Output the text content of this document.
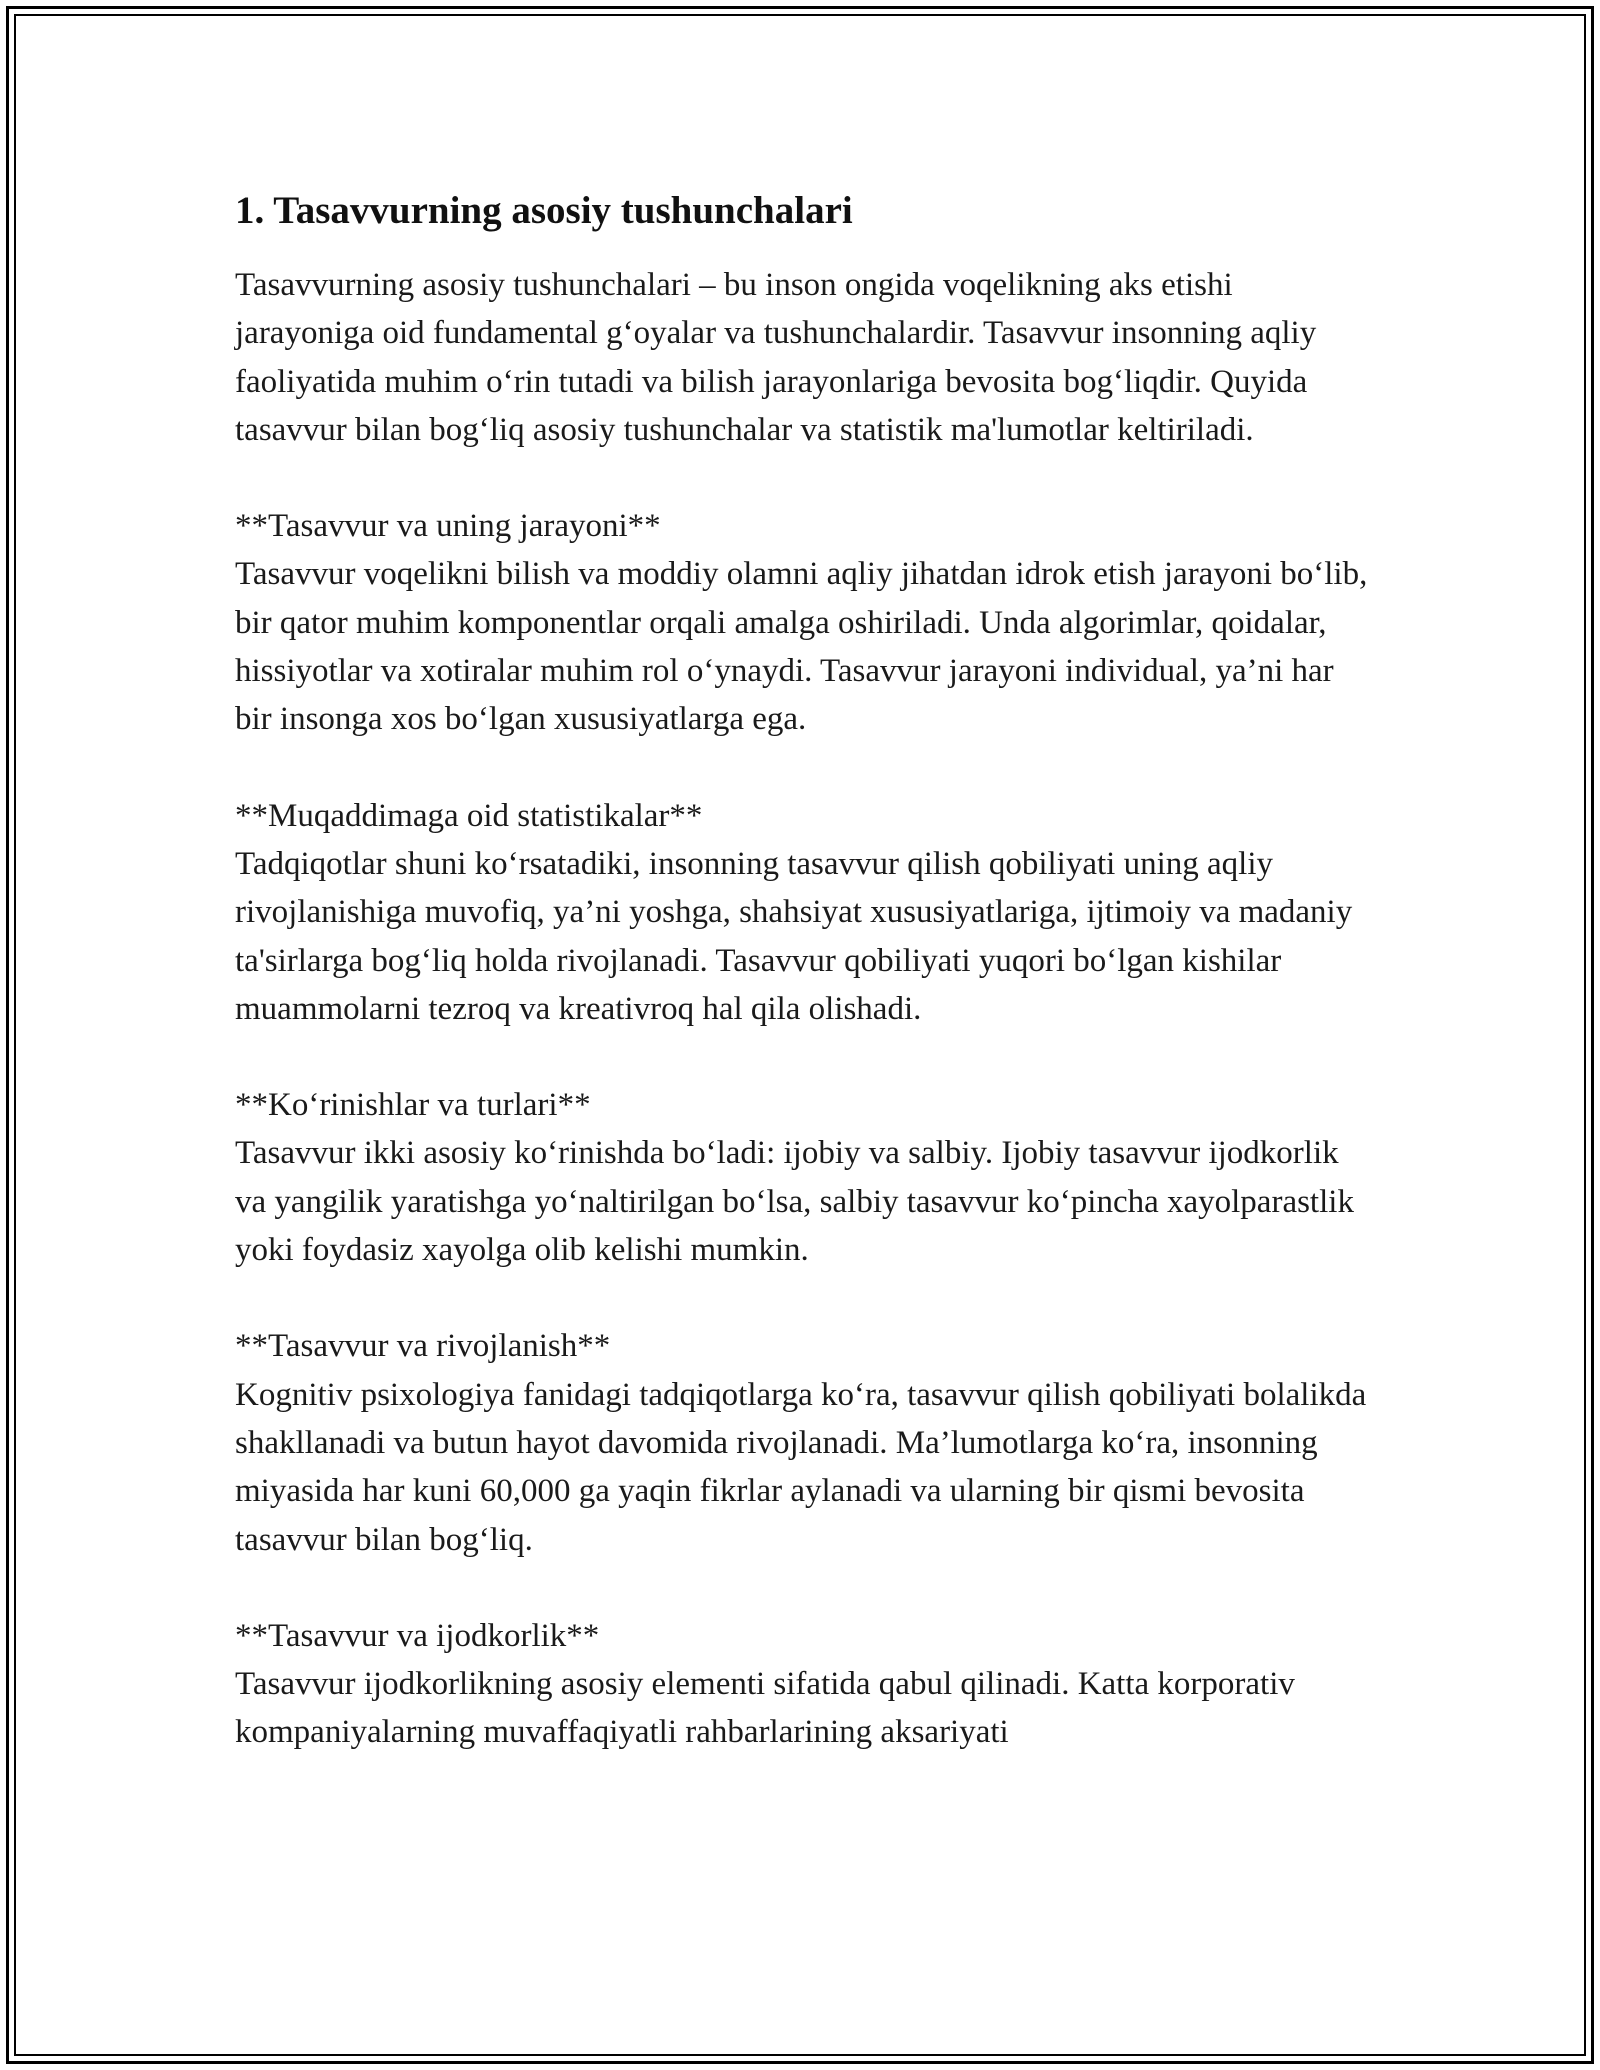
1. Tasavvurning asosiy tushunchalari

Tasavvurning asosiy tushunchalari – bu inson ongida voqelikning aks etishi jarayoniga oid fundamental g‘oyalar va tushunchalardir. Tasavvur insonning aqliy faoliyatida muhim o‘rin tutadi va bilish jarayonlariga bevosita bog‘liqdir. Quyida tasavvur bilan bog‘liq asosiy tushunchalar va statistik ma'lumotlar keltiriladi.

**Tasavvur va uning jarayoni**

Tasavvur voqelikni bilish va moddiy olamni aqliy jihatdan idrok etish jarayoni bo‘lib, bir qator muhim komponentlar orqali amalga oshiriladi. Unda algorimlar, qoidalar, hissiyotlar va xotiralar muhim rol o‘ynaydi. Tasavvur jarayoni individual, ya’ni har bir insonga xos bo‘lgan xususiyatlarga ega.

**Muqaddimaga oid statistikalar**

Tadqiqotlar shuni ko‘rsatadiki, insonning tasavvur qilish qobiliyati uning aqliy rivojlanishiga muvofiq, ya’ni yoshga, shahsiyat xususiyatlariga, ijtimoiy va madaniy ta'sirlarga bog‘liq holda rivojlanadi. Tasavvur qobiliyati yuqori bo‘lgan kishilar muammolarni tezroq va kreativroq hal qila olishadi.

**Ko‘rinishlar va turlari**

Tasavvur ikki asosiy ko‘rinishda bo‘ladi: ijobiy va salbiy. Ijobiy tasavvur ijodkorlik va yangilik yaratishga yo‘naltirilgan bo‘lsa, salbiy tasavvur ko‘pincha xayolparastlik yoki foydasiz xayolga olib kelishi mumkin.

**Tasavvur va rivojlanish**

Kognitiv psixologiya fanidagi tadqiqotlarga ko‘ra, tasavvur qilish qobiliyati bolalikda shakllanadi va butun hayot davomida rivojlanadi. Ma’lumotlarga ko‘ra, insonning miyasida har kuni 60,000 ga yaqin fikrlar aylanadi va ularning bir qismi bevosita tasavvur bilan bog‘liq.

**Tasavvur va ijodkorlik**

Tasavvur ijodkorlikning asosiy elementi sifatida qabul qilinadi. Katta korporativ kompaniyalarning muvaffaqiyatli rahbarlarining aksariyati
